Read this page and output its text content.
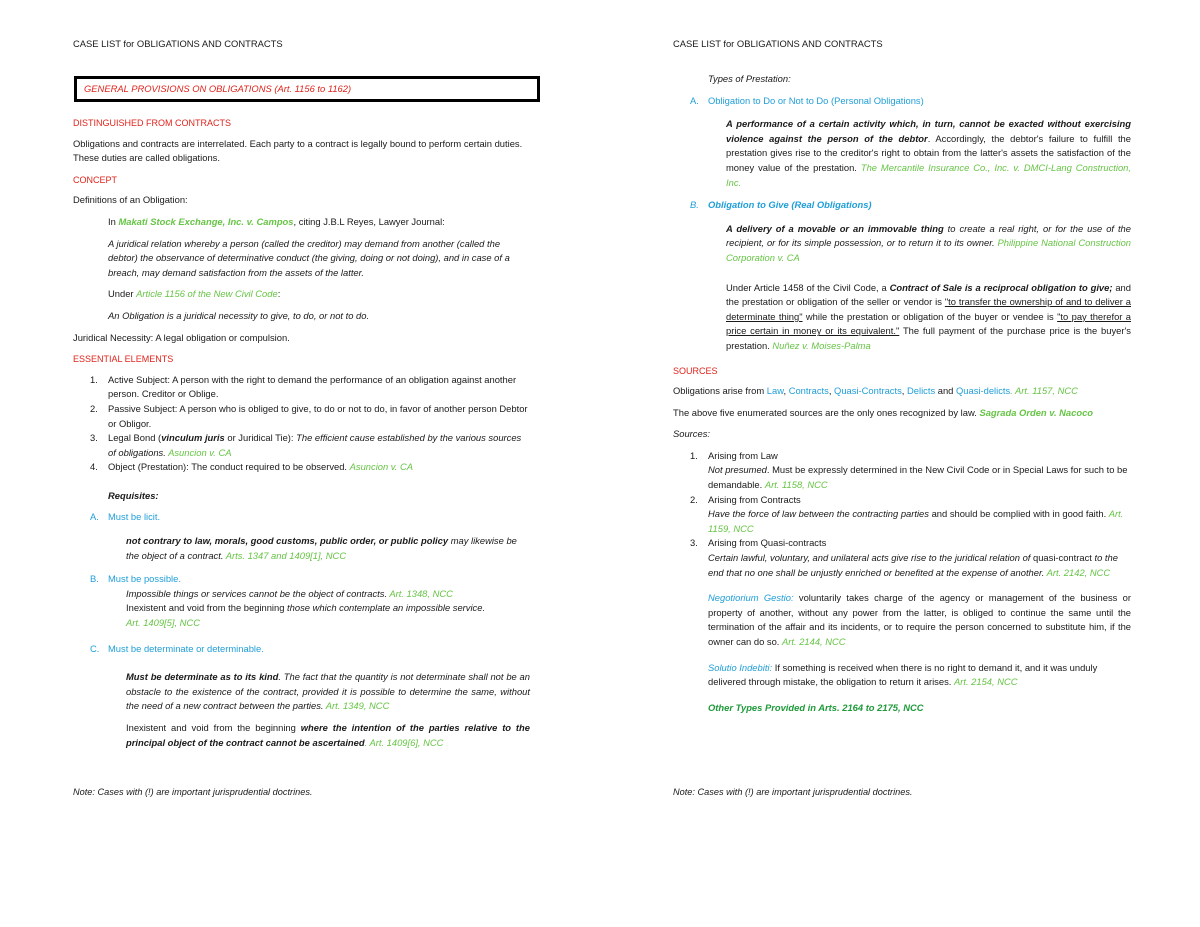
CASE LIST for OBLIGATIONS AND CONTRACTS
GENERAL PROVISIONS ON OBLIGATIONS (Art. 1156 to 1162)
DISTINGUISHED FROM CONTRACTS

Obligations and contracts are interrelated. Each party to a contract is legally bound to perform certain duties. These duties are called obligations.

CONCEPT

Definitions of an Obligation:

In Makati Stock Exchange, Inc. v. Campos, citing J.B.L Reyes, Lawyer Journal:

A juridical relation whereby a person (called the creditor) may demand from another (called the debtor) the observance of determinative conduct (the giving, doing or not doing), and in case of a breach, may demand satisfaction from the assets of the latter.

Under Article 1156 of the New Civil Code:

An Obligation is a juridical necessity to give, to do, or not to do.

Juridical Necessity: A legal obligation or compulsion.

ESSENTIAL ELEMENTS
1. Active Subject: A person with the right to demand the performance of an obligation against another person. Creditor or Oblige.
2. Passive Subject: A person who is obliged to give, to do or not to do, in favor of another person Debtor or Obligor.
3. Legal Bond (vinculum juris or Juridical Tie): The efficient cause established by the various sources of obligations. Asuncion v. CA
4. Object (Prestation): The conduct required to be observed. Asuncion v. CA

Requisites:

A. Must be licit.

not contrary to law, morals, good customs, public order, or public policy may likewise be the object of a contract. Arts. 1347 and 1409[1], NCC

B. Must be possible.
Impossible things or services cannot be the object of contracts. Art. 1348, NCC
Inexistent and void from the beginning those which contemplate an impossible service.

Art. 1409[5], NCC

C. Must be determinate or determinable.

Must be determinate as to its kind. The fact that the quantity is not determinate shall not be an obstacle to the existence of the contract, provided it is possible to determine the same, without the need of a new contract between the parties. Art. 1349, NCC

Inexistent and void from the beginning where the intention of the parties relative to the principal object of the contract cannot be ascertained. Art. 1409[6], NCC

Note: Cases with (!) are important jurisprudential doctrines.
CASE LIST for OBLIGATIONS AND CONTRACTS

Types of Prestation:

A. Obligation to Do or Not to Do (Personal Obligations)

A performance of a certain activity which, in turn, cannot be exacted without exercising violence against the person of the debtor. Accordingly, the debtor's failure to fulfill the prestation gives rise to the creditor's right to obtain from the latter's assets the satisfaction of the money value of the prestation. The Mercantile Insurance Co., Inc. v. DMCI-Lang Construction, Inc.

B. Obligation to Give (Real Obligations)

A delivery of a movable or an immovable thing to create a real right, or for the use of the recipient, or for its simple possession, or to return it to its owner. Philippine National Construction Corporation v. CA

Under Article 1458 of the Civil Code, a Contract of Sale is a reciprocal obligation to give; and the prestation or obligation of the seller or vendor is "to transfer the ownership of and to deliver a determinate thing" while the prestation or obligation of the buyer or vendee is "to pay therefor a price certain in money or its equivalent." The full payment of the purchase price is the buyer's prestation. Nuñez v. Moises-Palma

SOURCES

Obligations arise from Law, Contracts, Quasi-Contracts, Delicts and Quasi-delicts. Art. 1157, NCC

The above five enumerated sources are the only ones recognized by law. Sagrada Orden v. Nacoco

Sources:

1. Arising from Law
Not presumed. Must be expressly determined in the New Civil Code or in Special Laws for such to be demandable. Art. 1158, NCC
2. Arising from Contracts
Have the force of law between the contracting parties and should be complied with in good faith. Art. 1159, NCC
3. Arising from Quasi-contracts

Certain lawful, voluntary, and unilateral acts give rise to the juridical relation of quasi-contract to the end that no one shall be unjustly enriched or benefited at the expense of another. Art. 2142, NCC

Negotiorium Gestio: voluntarily takes charge of the agency or management of the business or property of another, without any power from the latter, is obliged to continue the same until the termination of the affair and its incidents, or to require the person concerned to substitute him, if the owner can do so. Art. 2144, NCC

Solutio Indebiti: If something is received when there is no right to demand it, and it was unduly delivered through mistake, the obligation to return it arises. Art. 2154, NCC

Other Types Provided in Arts. 2164 to 2175, NCC

Note: Cases with (!) are important jurisprudential doctrines.
